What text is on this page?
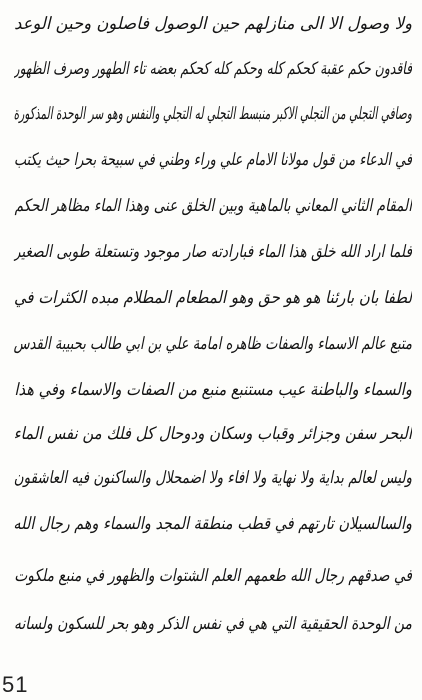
ولا وصول الا الى منازلهم حين الوصول فاصلون وحين الوعد
فاقدون حكم عقبة كحكم كله وحكم كله كحكم بعضه تاء الطهور وصرف الظهور
وصافي التجلي من التجلي الاكبر منبسط التجلي له التجلي والنفس وهو سر الوحدة المذكورة
في الدعاء من قول مولانا الامام علي وراء وطني في سبيحة بحرا حيث يكتب
المقام الثاني المعاني بالماهية وبين الخلق عنى وهذا الماء مظاهر الحكم
فلما اراد الله خلق هذا الماء فبارادته صار موجود وتستعلة طوبى الصغير
لطفا بان بارئنا هو هو حق وهو المطعام المطلام مبده الكثرات في
متبع عالم الاسماء والصفات ظاهره امامة علي بن ابي طالب بحبيبة القدس
والسماء والباطنة عيب مستنبع منبع من الصفات والاسماء وفي هذا
البحر سفن وجزائر وقباب وسكان ودوحال كل فلك من نفس الماء
وليس لعالم بداية ولا نهاية ولا افاء ولا اضمحلال والساكنون فيه العاشقون
والسالسيلان تارتهم في قطب منطقة المجد والسماء وهم رجال الله
في صدقهم رجال الله طعمهم العلم الشتوات والظهور في منبع ملكوت
من الوحدة الحقيقية التي هي في نفس الذكر وهو بحر للسكون ولسانه
51
